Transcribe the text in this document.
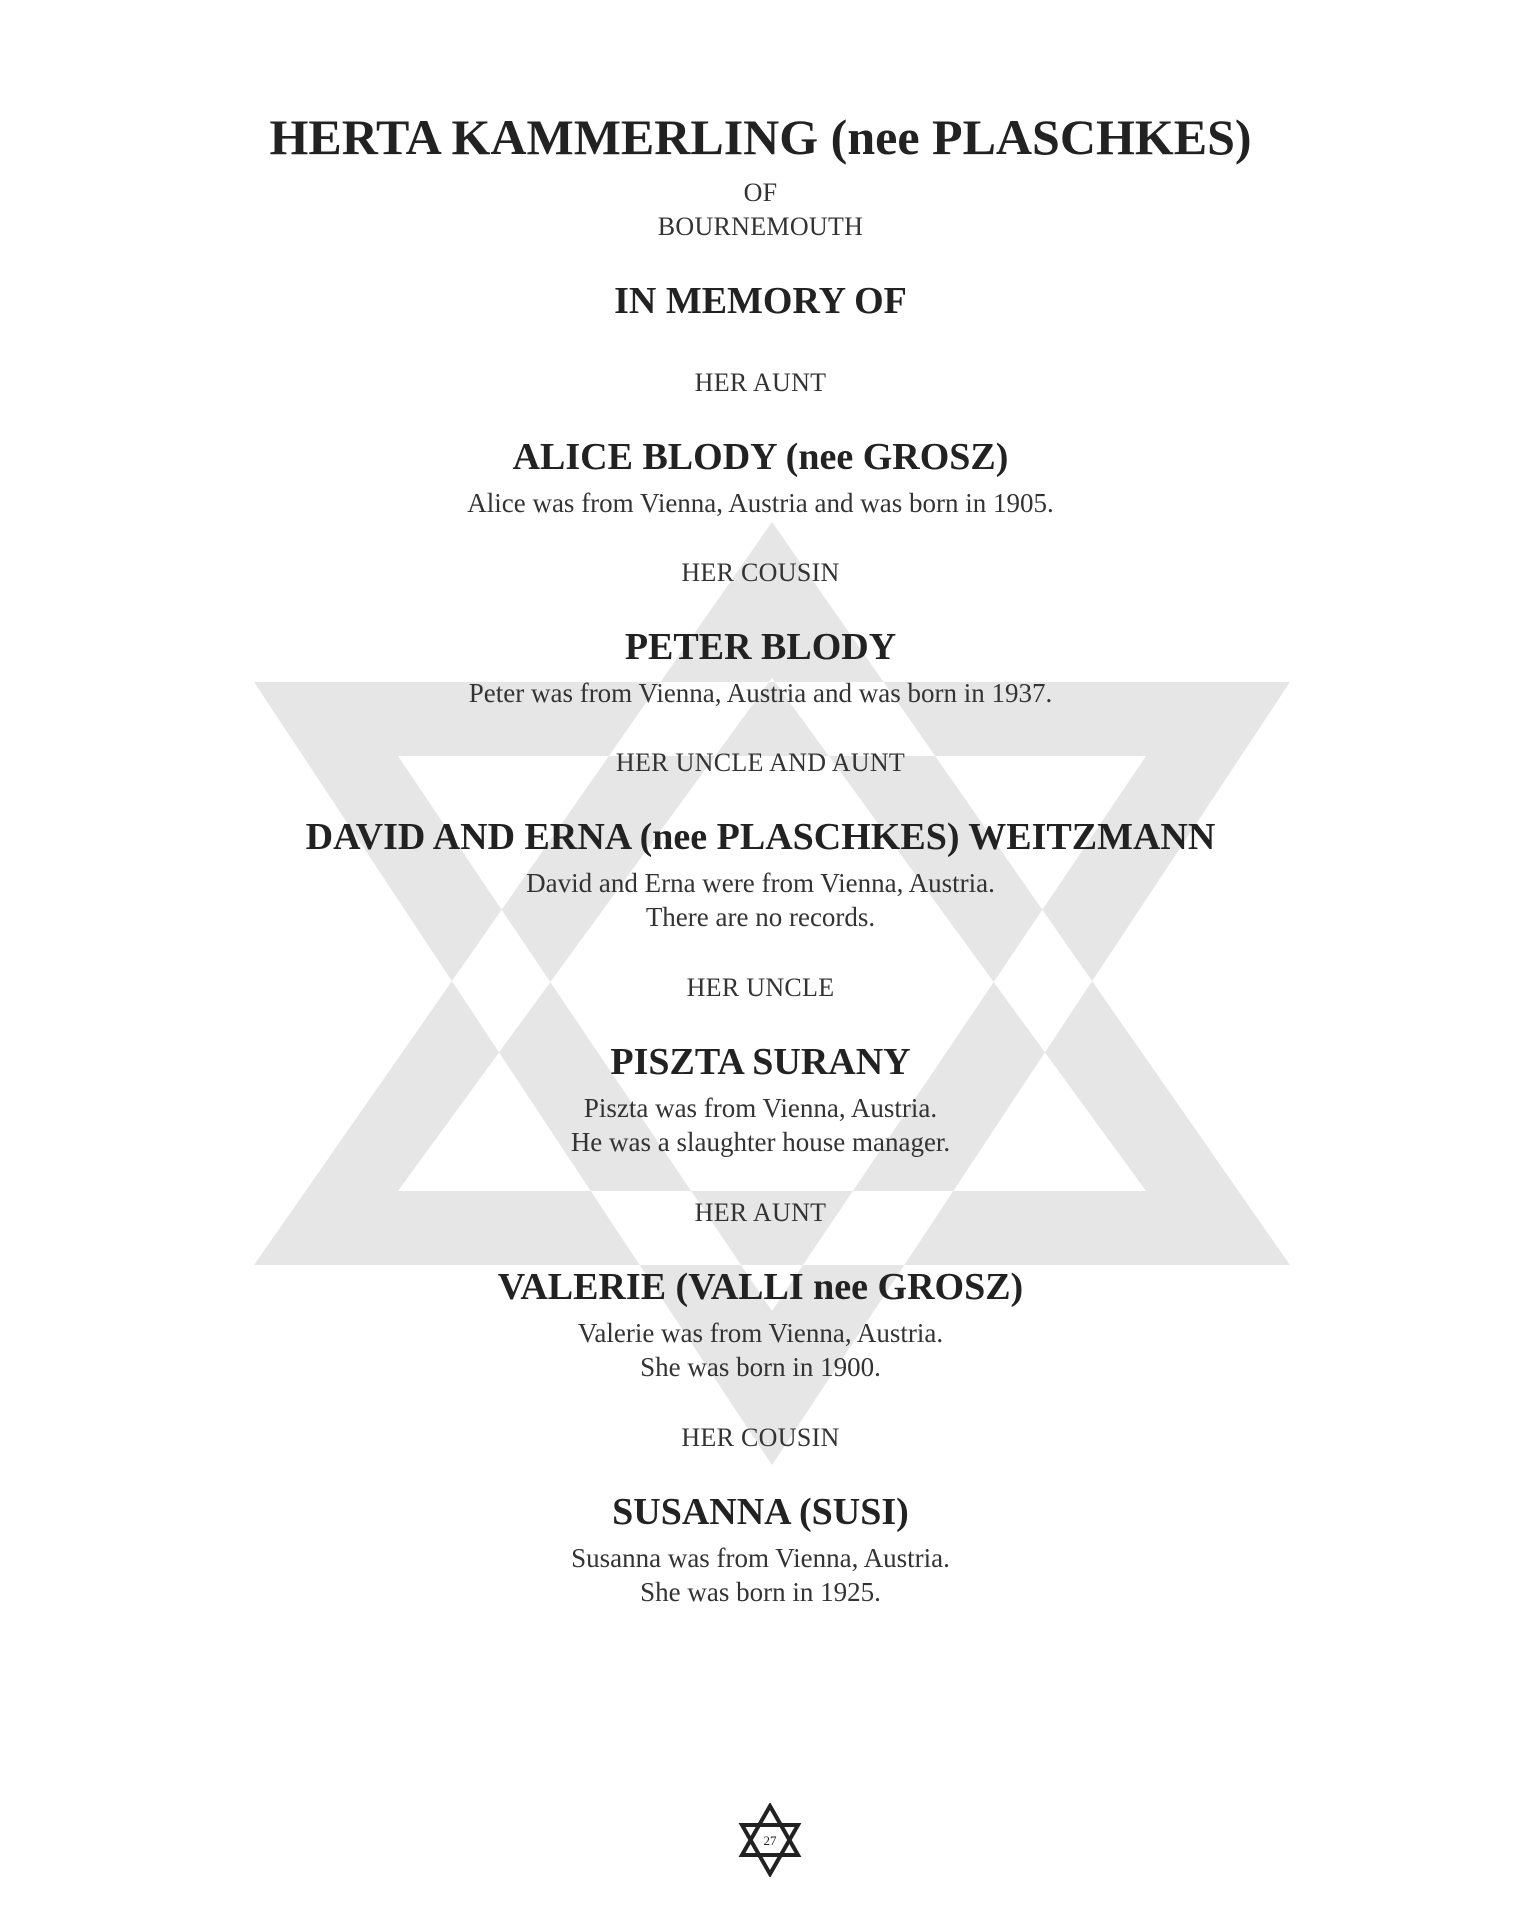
HERTA KAMMERLING (nee PLASCHKES)
OF
BOURNEMOUTH
IN MEMORY OF
HER AUNT
ALICE BLODY (nee GROSZ)
Alice was from Vienna, Austria and was born in 1905.
HER COUSIN
PETER BLODY
Peter was from Vienna, Austria and was born in 1937.
HER UNCLE AND AUNT
DAVID AND ERNA (nee PLASCHKES) WEITZMANN
David and Erna were from Vienna, Austria.
There are no records.
HER UNCLE
PISZTA SURANY
Piszta was from Vienna, Austria.
He was a slaughter house manager.
HER AUNT
VALERIE (VALLI nee GROSZ)
Valerie was from Vienna, Austria.
She was born in 1900.
HER COUSIN
SUSANNA (SUSI)
Susanna was from Vienna, Austria.
She was born in 1925.
27
